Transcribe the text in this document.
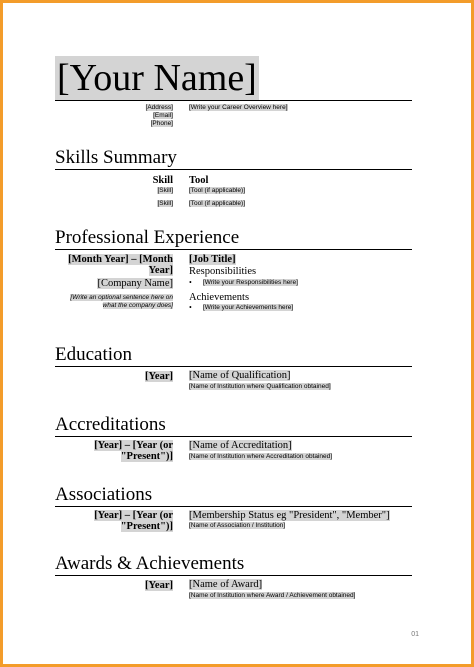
[Your Name]
[Address]
[Email]
[Phone]
[Write your Career Overview here]
Skills Summary
Skill Tool
[Skill] [Tool (if applicable)]
[Skill] [Tool (if applicable)]
Professional Experience
[Month Year] – [Month
Year]
[Job Title]
[Company Name]
Responsibilities
• [Write your Responsibilities here]
[Write an optional sentence here on
what the company does]
Achievements
• [Write your Achievements here]
Education
[Year] [Name of Qualification]
[Name of Institution where Qualification obtained]
Accreditations
[Year] – [Year (or
"Present")]
[Name of Accreditation]
[Name of Institution where Accreditation obtained]
Associations
[Year] – [Year (or
"Present")]
[Membership Status eg "President", "Member"]
[Name of Association / Institution]
Awards & Achievements
[Year] [Name of Award]
[Name of Institution where Award / Achievement obtained]
01
